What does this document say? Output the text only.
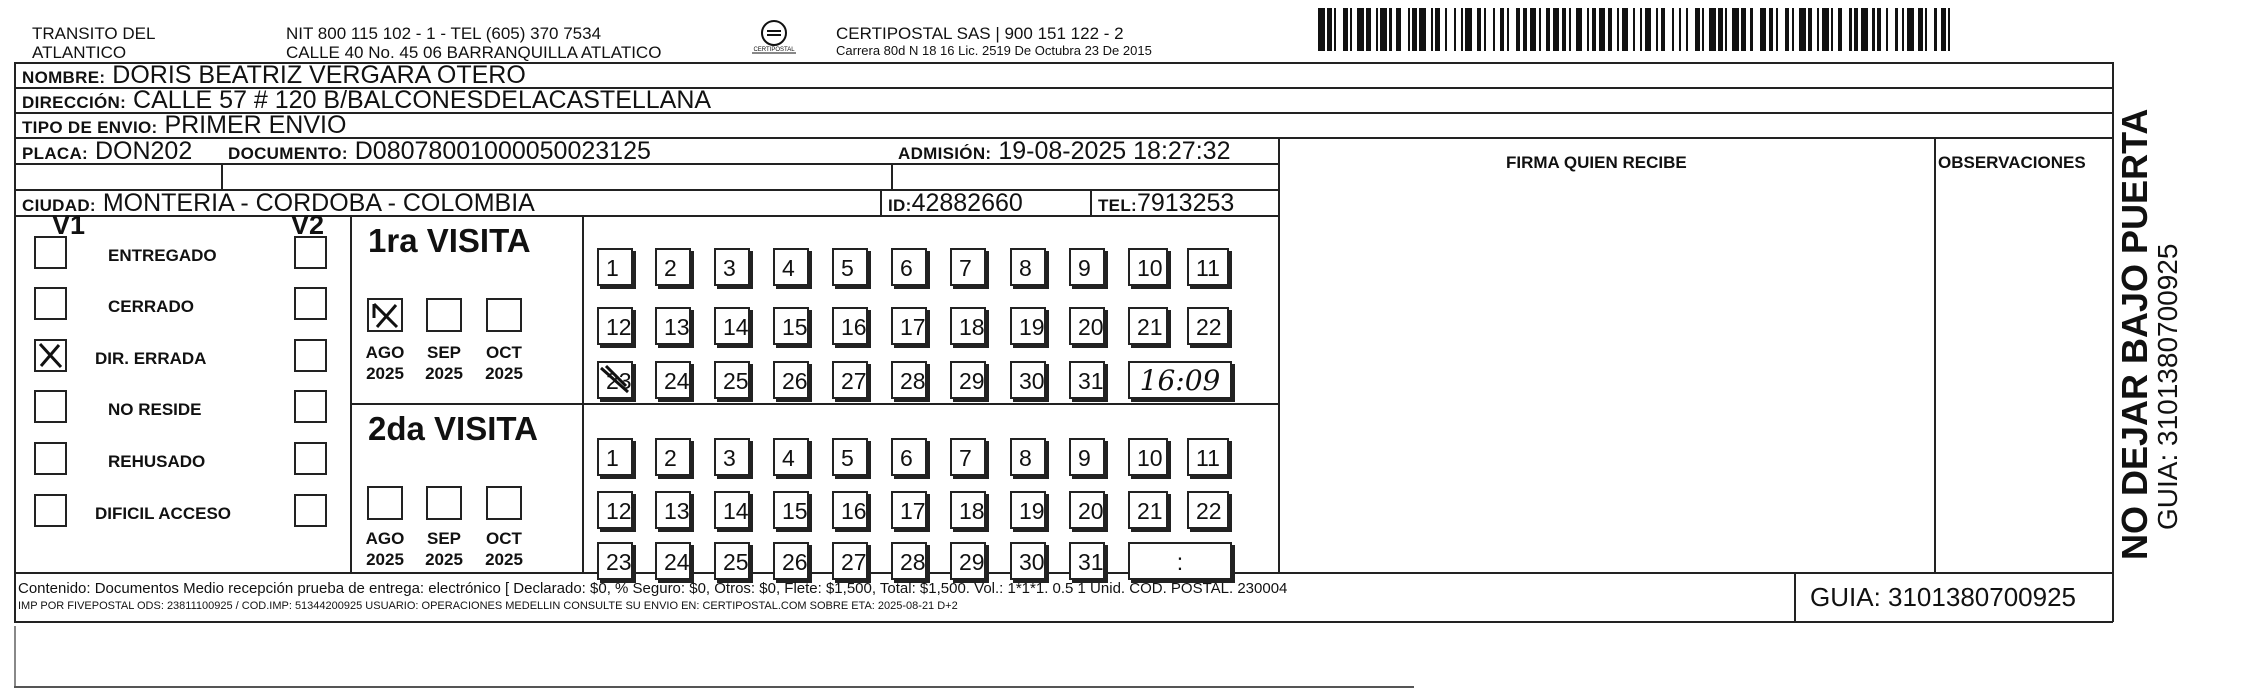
TRANSITO DEL
ATLANTICO
NIT 800 115 102 - 1 - TEL (605) 370 7534
CALLE 40 No. 45 06 BARRANQUILLA ATLATICO	CERTIPOSTAL
CERTIPOSTAL SAS | 900 151 122 - 2
Carrera 80d N 18 16 Lic. 2519 De Octubra 23 De 2015
NOMBRE: DORIS BEATRIZ VERGARA OTERO
DIRECCIÓN: CALLE 57 # 120 B/BALCONESDELACASTELLANA
TIPO DE ENVIO: PRIMER ENVIO
PLACA: DON202 DOCUMENTO: D08078001000050023125	ADMISIÓN: 19-08-2025 18:27:32
CIUDAD: MONTERIA - CORDOBA - COLOMBIA	ID:42882660	TEL:7913253
FIRMA QUIEN RECIBE	OBSERVACIONES
V1	V2
ENTREGADO
CERRADO
DIR. ERRADA
NO RESIDE
REHUSADO
DIFICIL ACCESO
1ra VISITA
2da VISITA
AGO
2025
SEP
2025
OCT
2025
AGO
2025
SEP
2025
OCT
2025
1	2	3	4	5	6	7	8	9	10	11
12	13	14	15	16	17	18	19	20	21	22
23	24	25	26	27	28	29	30	31	16:09
1	2	3	4	5	6	7	8	9	10	11
12	13	14	15	16	17	18	19	20	21	22
23	24	25	26	27	28	29	30	31	:
Contenido: Documentos Medio recepción prueba de entrega: electrónico [ Declarado: $0, % Seguro: $0, Otros: $0, Flete: $1,500, Total: $1,500. Vol.: 1*1*1. 0.5 1 Unid. COD. POSTAL. 230004
IMP POR FIVEPOSTAL ODS: 23811100925 / COD.IMP: 51344200925 USUARIO: OPERACIONES MEDELLIN CONSULTE SU ENVIO EN: CERTIPOSTAL.COM SOBRE ETA: 2025-08-21 D+2	GUIA: 3101380700925
NO DEJAR BAJO PUERTA
GUIA: 3101380700925
